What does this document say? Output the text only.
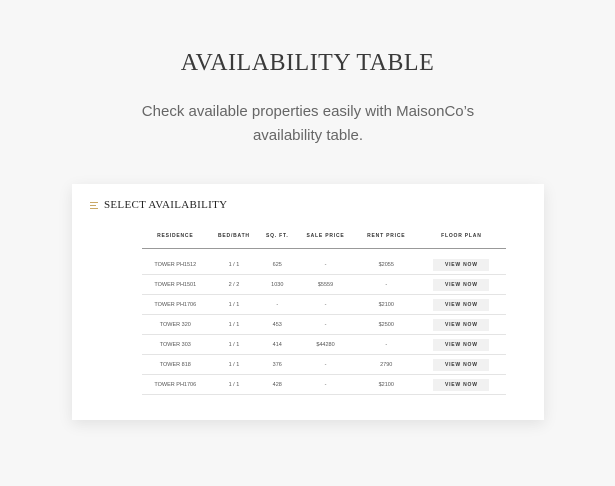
AVAILABILITY TABLE
Check available properties easily with MaisonCo’s availability table.
SELECT AVAILABILITY
RESIDENCE	BED/BATH	SQ. FT.	SALE PRICE	RENT PRICE	FLOOR PLAN
TOWER PH1512	1 / 1	625	-	$2055	VIEW NOW
TOWER PH1501	2 / 2	1030	$5559	-	VIEW NOW
TOWER PH1706	1 / 1	-	-	$2100	VIEW NOW
TOWER 320	1 / 1	453	-	$2500	VIEW NOW
TOWER 303	1 / 1	414	$44280	-	VIEW NOW
TOWER 818	1 / 1	376	-	2790	VIEW NOW
TOWER PH1706	1 / 1	428	-	$2100	VIEW NOW
